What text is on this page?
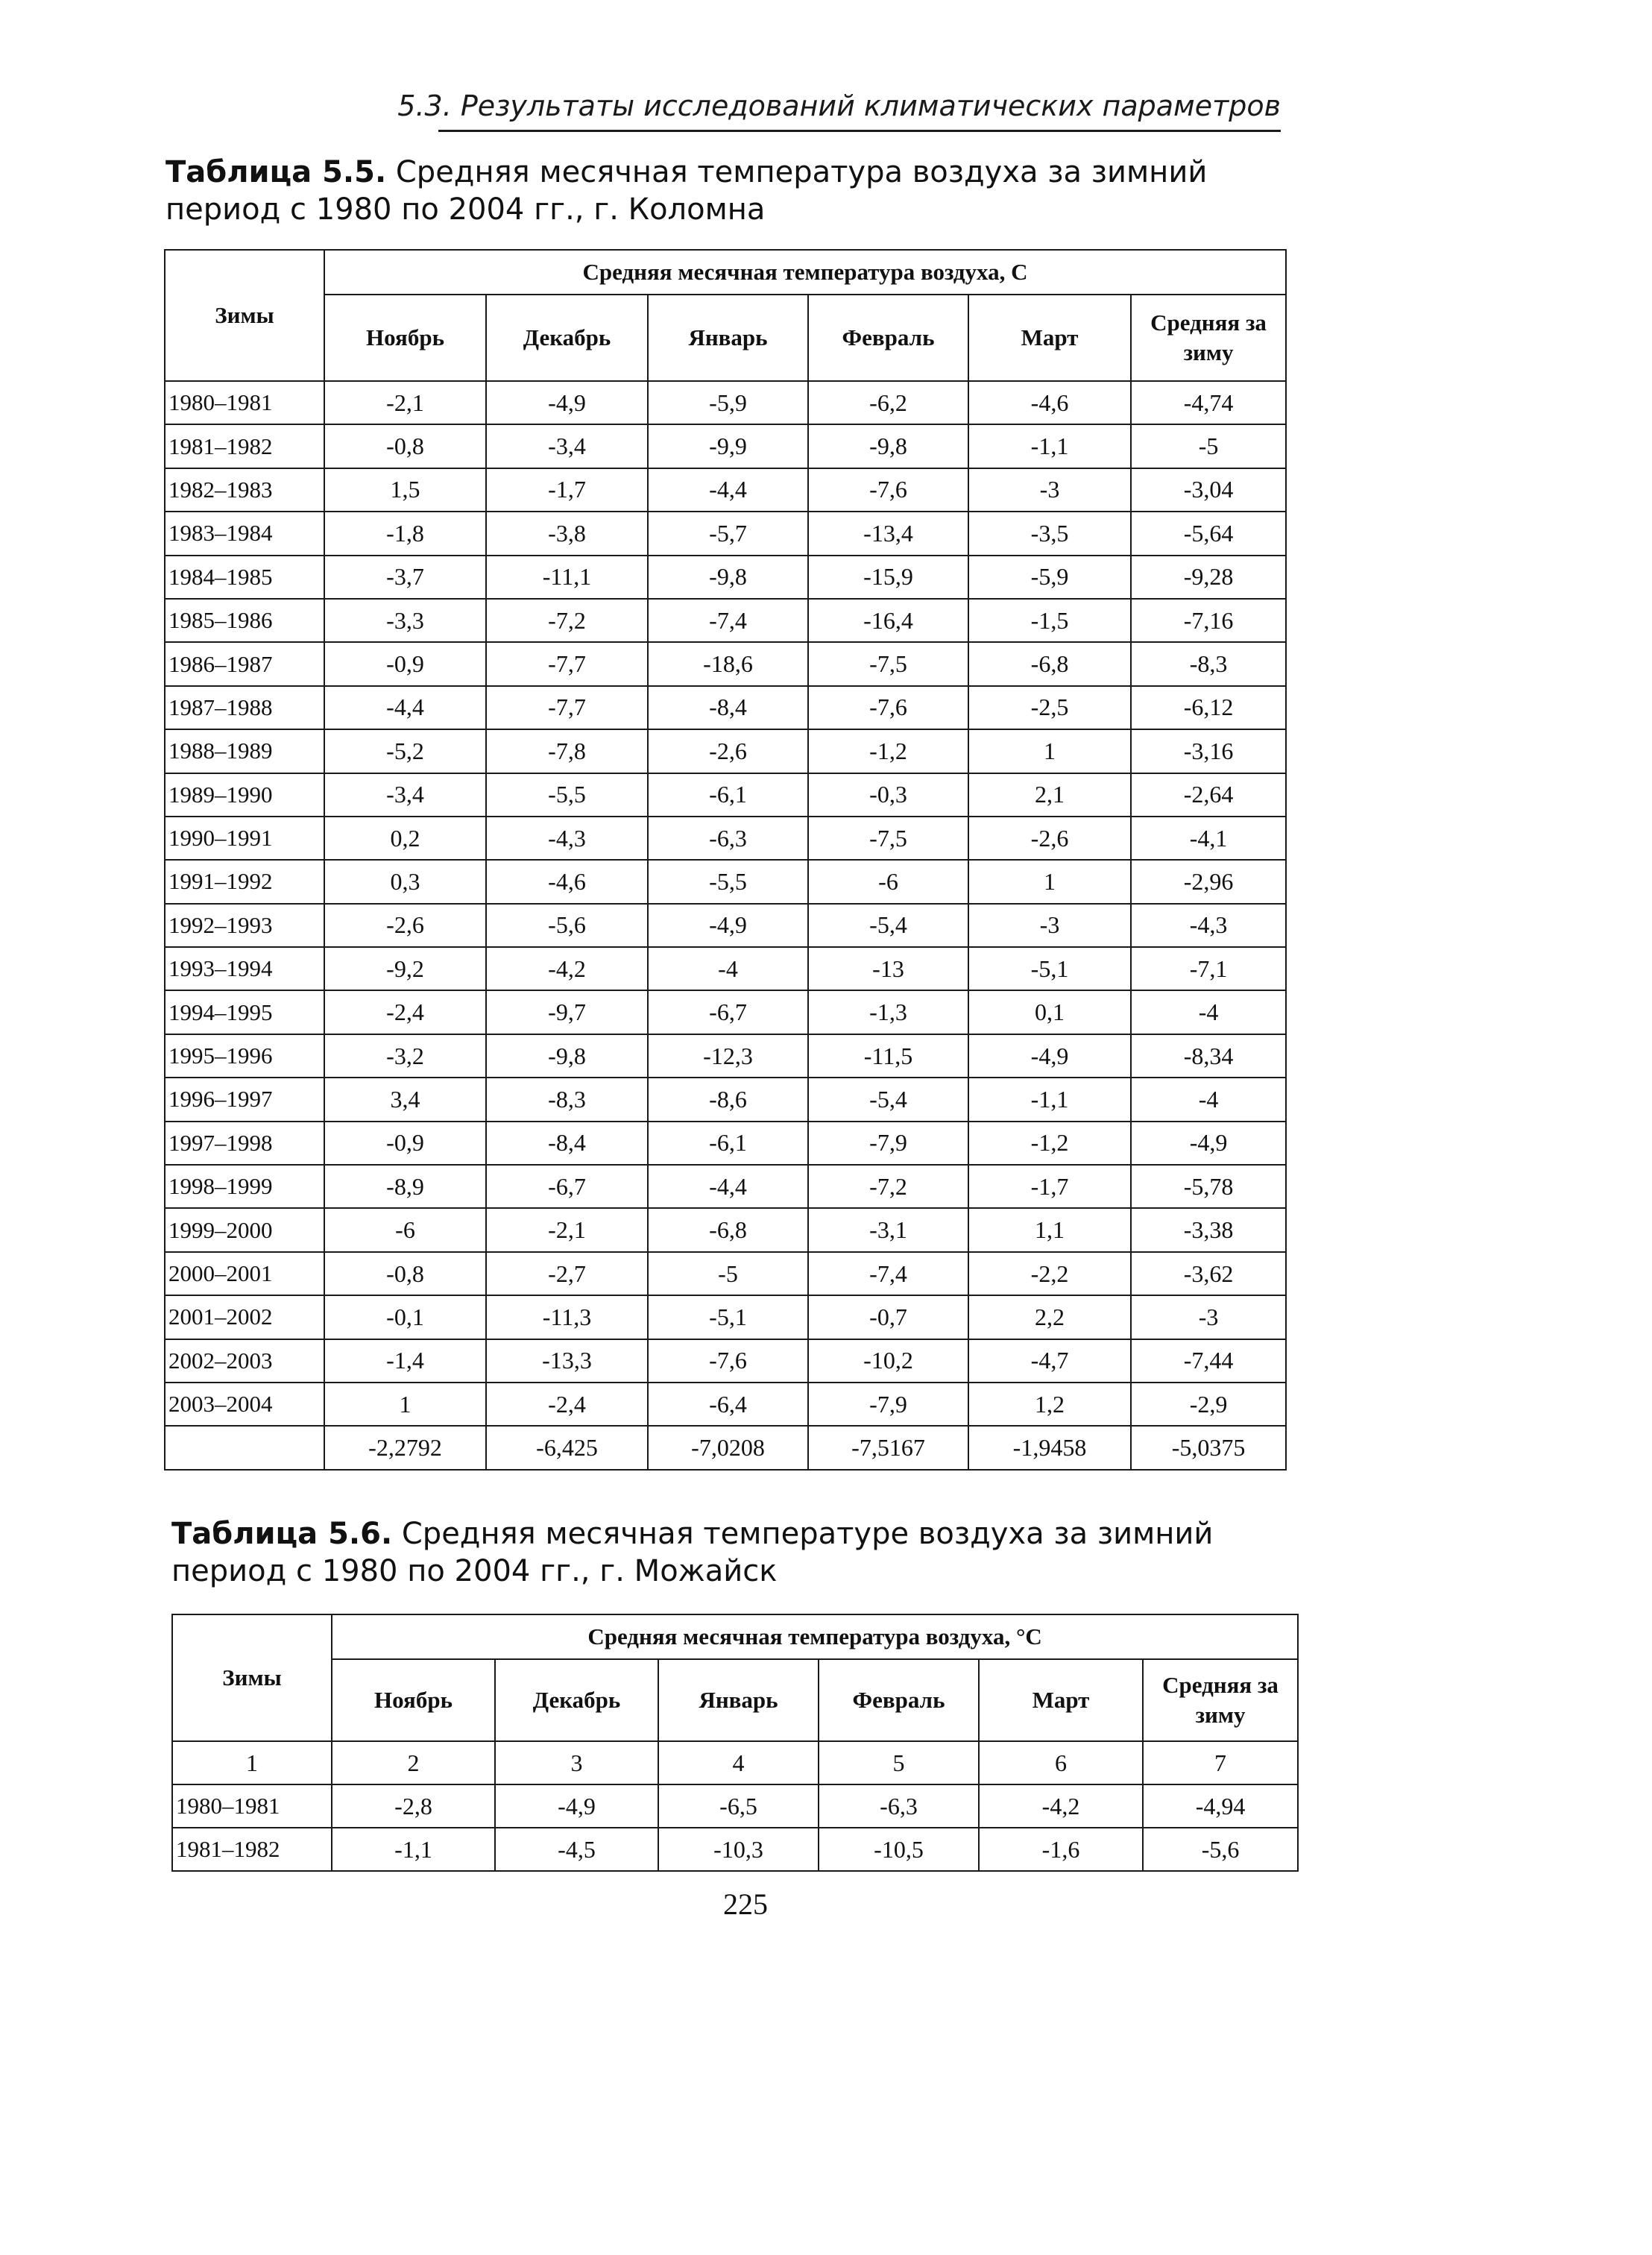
5.3. Результаты исследований климатических параметров
Таблица 5.5. Средняя месячная температура воздуха за зимний период с 1980 по 2004 гг., г. Коломна
Зимы	Средняя месячная температура воздуха, С					
	Ноябрь	Декабрь	Январь	Февраль	Март	Средняя за зиму
1980–1981	-2,1	-4,9	-5,9	-6,2	-4,6	-4,74
1981–1982	-0,8	-3,4	-9,9	-9,8	-1,1	-5
1982–1983	1,5	-1,7	-4,4	-7,6	-3	-3,04
1983–1984	-1,8	-3,8	-5,7	-13,4	-3,5	-5,64
1984–1985	-3,7	-11,1	-9,8	-15,9	-5,9	-9,28
1985–1986	-3,3	-7,2	-7,4	-16,4	-1,5	-7,16
1986–1987	-0,9	-7,7	-18,6	-7,5	-6,8	-8,3
1987–1988	-4,4	-7,7	-8,4	-7,6	-2,5	-6,12
1988–1989	-5,2	-7,8	-2,6	-1,2	1	-3,16
1989–1990	-3,4	-5,5	-6,1	-0,3	2,1	-2,64
1990–1991	0,2	-4,3	-6,3	-7,5	-2,6	-4,1
1991–1992	0,3	-4,6	-5,5	-6	1	-2,96
1992–1993	-2,6	-5,6	-4,9	-5,4	-3	-4,3
1993–1994	-9,2	-4,2	-4	-13	-5,1	-7,1
1994–1995	-2,4	-9,7	-6,7	-1,3	0,1	-4
1995–1996	-3,2	-9,8	-12,3	-11,5	-4,9	-8,34
1996–1997	3,4	-8,3	-8,6	-5,4	-1,1	-4
1997–1998	-0,9	-8,4	-6,1	-7,9	-1,2	-4,9
1998–1999	-8,9	-6,7	-4,4	-7,2	-1,7	-5,78
1999–2000	-6	-2,1	-6,8	-3,1	1,1	-3,38
2000–2001	-0,8	-2,7	-5	-7,4	-2,2	-3,62
2001–2002	-0,1	-11,3	-5,1	-0,7	2,2	-3
2002–2003	-1,4	-13,3	-7,6	-10,2	-4,7	-7,44
2003–2004	1	-2,4	-6,4	-7,9	1,2	-2,9
	-2,2792	-6,425	-7,0208	-7,5167	-1,9458	-5,0375
Таблица 5.6. Средняя месячная температуре воздуха за зимний период с 1980 по 2004 гг., г. Можайск
Зимы	Средняя месячная температура воздуха, °С					
	Ноябрь	Декабрь	Январь	Февраль	Март	Средняя за зиму
1	2	3	4	5	6	7
1980–1981	-2,8	-4,9	-6,5	-6,3	-4,2	-4,94
1981–1982	-1,1	-4,5	-10,3	-10,5	-1,6	-5,6
225
